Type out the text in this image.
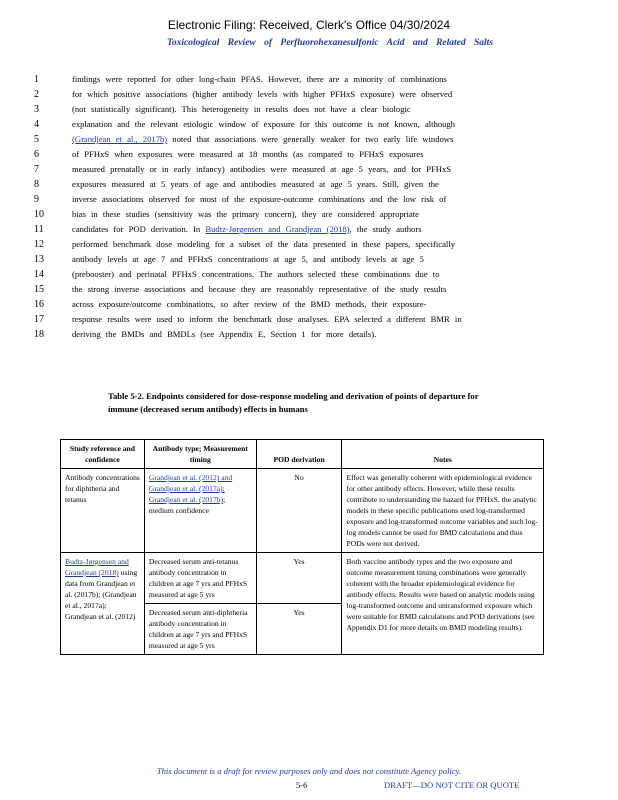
Electronic Filing: Received, Clerk's Office 04/30/2024
Toxicological Review of Perfluorohexanesulfonic Acid and Related Salts
1	findings were reported for other long-chain PFAS. However, there are a minority of combinations
2	for which positive associations (higher antibody levels with higher PFHxS exposure) were observed
3	(not statistically significant). This heterogeneity in results does not have a clear biologic
4	explanation and the relevant etiologic window of exposure for this outcome is not known, although
5	(Grandjean et al., 2017b) noted that associations were generally weaker for two early life windows
6	of PFHxS when exposures were measured at 18 months (as compared to PFHxS exposures
7	measured prenatally or in early infancy) antibodies were measured at age 5 years, and for PFHxS
8	exposures measured at 5 years of age and antibodies measured at age 5 years. Still, given the
9	inverse associations observed for most of the exposure-outcome combinations and the low risk of
10	bias in these studies (sensitivity was the primary concern), they are considered appropriate
11	candidates for POD derivation. In Budtz-Jørgensen and Grandjean (2018), the study authors
12	performed benchmark dose modeling for a subset of the data presented in these papers, specifically
13	antibody levels at age 7 and PFHxS concentrations at age 5, and antibody levels at age 5
14	(prebooster) and perinatal PFHxS concentrations. The authors selected these combinations due to
15	the strong inverse associations and because they are reasonably representative of the study results
16	across exposure/outcome combinations, so after review of the BMD methods, their exposure-
17	response results were used to inform the benchmark dose analyses. EPA selected a different BMR in
18	deriving the BMDs and BMDLs (see Appendix E, Section 1 for more details).
Table 5-2. Endpoints considered for dose-response modeling and derivation of points of departure for immune (decreased serum antibody) effects in humans
Study reference and confidence	Antibody type; Measurement timing	POD derivation	Notes
Antibody concentrations for diphtheria and tetanus	Grandjean et al. (2012) and Grandjean et al. (2017a); Grandjean et al. (2017b); medium confidence	No	Effect was generally coherent with epidemiological evidence for other antibody effects. However, while these results contribute to understanding the hazard for PFHxS, the analytic models in these specific publications used log-transformed exposure and log-transformed outcome variables and such log-log models cannot be used for BMD calculations and thus PODs were not derived.
Budtz-Jørgensen and Grandjean (2018) using data from Grandjean et al. (2017b); (Grandjean et al., 2017a); Grandjean et al. (2012)	Decreased serum anti-tetanus antibody concentration in children at age 7 yrs and PFHxS measured at age 5 yrs	Yes	Both vaccine antibody types and the two exposure and outcome measurement timing combinations were generally coherent with the broader epidemiological evidence for antibody effects. Results were based on analytic models using log-transformed outcome and untransformed exposure which were suitable for BMD calculations and POD derivations (see Appendix D1 for more details on BMD modeling results).
	Decreased serum anti-diphtheria antibody concentration in children at age 7 yrs and PFHxS measured at age 5 yrs	Yes	
This document is a draft for review purposes only and does not constitute Agency policy.
5-6	DRAFT—DO NOT CITE OR QUOTE
